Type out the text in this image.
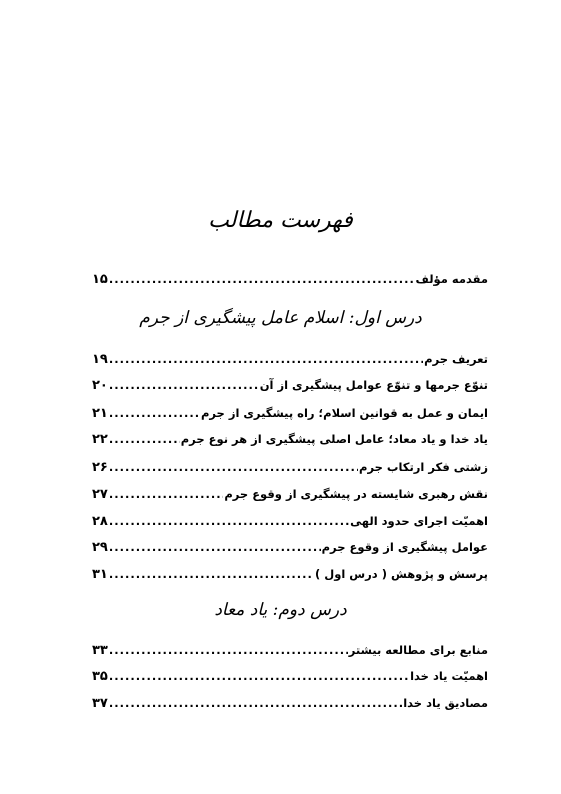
فهرست مطالب
مقدمه مؤلف
.....
۱۵
درس اول: اسلام عامل پیشگیری از جرم
تعریف جرم
.....
۱۹
تنوّع جرمها و تنوّع عوامل پیشگیری از آن
.....
۲۰
ایمان و عمل به قوانین اسلام؛ راه پیشگیری از جرم
.....
۲۱
یاد خدا و یاد معاد؛ عامل اصلی پیشگیری از هر نوع جرم
.....
۲۲
زشتی فکر ارتکاب جرم
.....
۲۶
نقش رهبری شایسته در پیشگیری از وقوع جرم
.....
۲۷
اهمیّت اجرای حدود الهی
.....
۲۸
عوامل پیشگیری از وقوع جرم
.....
۲۹
پرسش و پژوهش ( درس اول )
.....
۳۱
درس دوم: یاد معاد
منابع برای مطالعه بیشتر
.....
۳۳
اهمیّت یاد خدا
.....
۳۵
مصادیق یاد خدا
.....
۳۷
